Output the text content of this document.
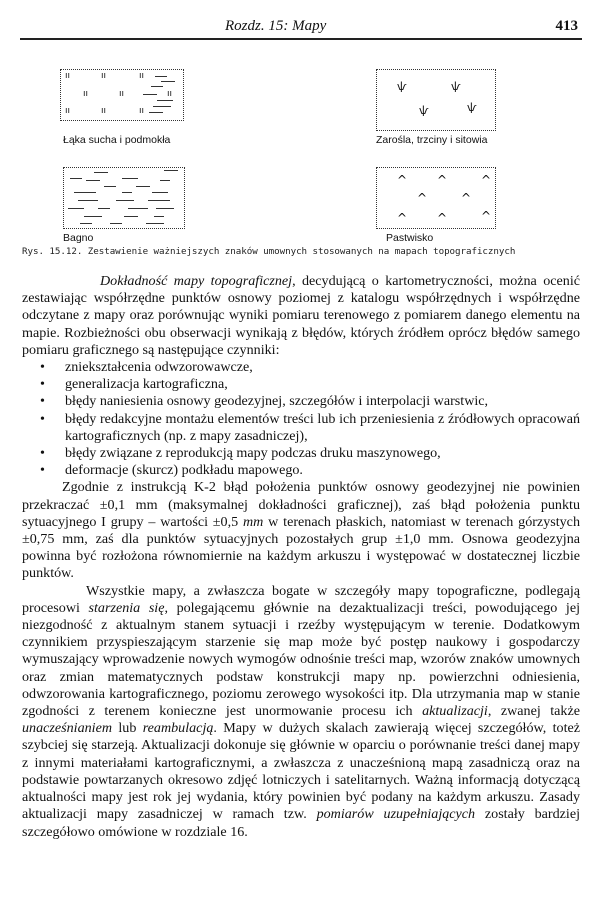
Rozdz. 15: Mapy	413
ıı	ıı	ıı
ıı	ıı	ıı
ıı	ıı	ıı
Łąka sucha i podmokła
ѱ	ѱ
ѱ	ѱ
Zarośla, trzciny i sitowia
Bagno
^ ^	^
^	^
^ ^	^
Pastwisko
Rys. 15.12. Zestawienie ważniejszych znaków umownych stosowanych na mapach topograficznych

Dokładność mapy topograficznej, decydującą o kartometryczności, można ocenić zestawiając współrzędne punktów osnowy poziomej z katalogu współrzędnych i współrzędne odczytane z mapy oraz porównując wyniki pomiaru terenowego z pomiarem danego elementu na mapie. Rozbieżności obu obserwacji wynikają z błędów, których źródłem oprócz błędów samego pomiaru graficznego są następujące czynniki:

• zniekształcenia odwzorowawcze,
• generalizacja kartograficzna,
• błędy naniesienia osnowy geodezyjnej, szczegółów i interpolacji warstwic,
• błędy redakcyjne montażu elementów treści lub ich przeniesienia z źródłowych opracowań kartograficznych (np. z mapy zasadniczej),
• błędy związane z reprodukcją mapy podczas druku maszynowego,
• deformacje (skurcz) podkładu mapowego.

Zgodnie z instrukcją K-2 błąd położenia punktów osnowy geodezyjnej nie powinien przekraczać ±0,1 mm (maksymalnej dokładności graficznej), zaś błąd położenia punktu sytuacyjnego I grupy – wartości ±0,5 mm w terenach płaskich, natomiast w terenach górzystych ±0,75 mm, zaś dla punktów sytuacyjnych pozostałych grup ±1,0 mm. Osnowa geodezyjna powinna być rozłożona równomiernie na każdym arkuszu i występować w dostatecznej liczbie punktów.

Wszystkie mapy, a zwłaszcza bogate w szczegóły mapy topograficzne, podlegają procesowi starzenia się, polegającemu głównie na dezaktualizacji treści, powodującego jej niezgodność z aktualnym stanem sytuacji i rzeźby występującym w terenie. Dodatkowym czynnikiem przyspieszającym starzenie się map może być postęp naukowy i gospodarczy wymuszający wprowadzenie nowych wymogów odnośnie treści map, wzorów znaków umownych oraz zmian matematycznych podstaw konstrukcji mapy np. powierzchni odniesienia, odwzorowania kartograficznego, poziomu zerowego wysokości itp. Dla utrzymania map w stanie zgodności z terenem konieczne jest unormowanie procesu ich aktualizacji, zwanej także unacześnianiem lub reambulacją. Mapy w dużych skalach zawierają więcej szczegółów, toteż szybciej się starzeją. Aktualizacji dokonuje się głównie w oparciu o porównanie treści danej mapy z innymi materiałami kartograficznymi, a zwłaszcza z unacześnioną mapą zasadniczą oraz na podstawie powtarzanych okresowo zdjęć lotniczych i satelitarnych. Ważną informacją dotyczącą aktualności mapy jest rok jej wydania, który powinien być podany na każdym arkuszu. Zasady aktualizacji mapy zasadniczej w ramach tzw. pomiarów uzupełniających zostały bardziej szczegółowo omówione w rozdziale 16.
